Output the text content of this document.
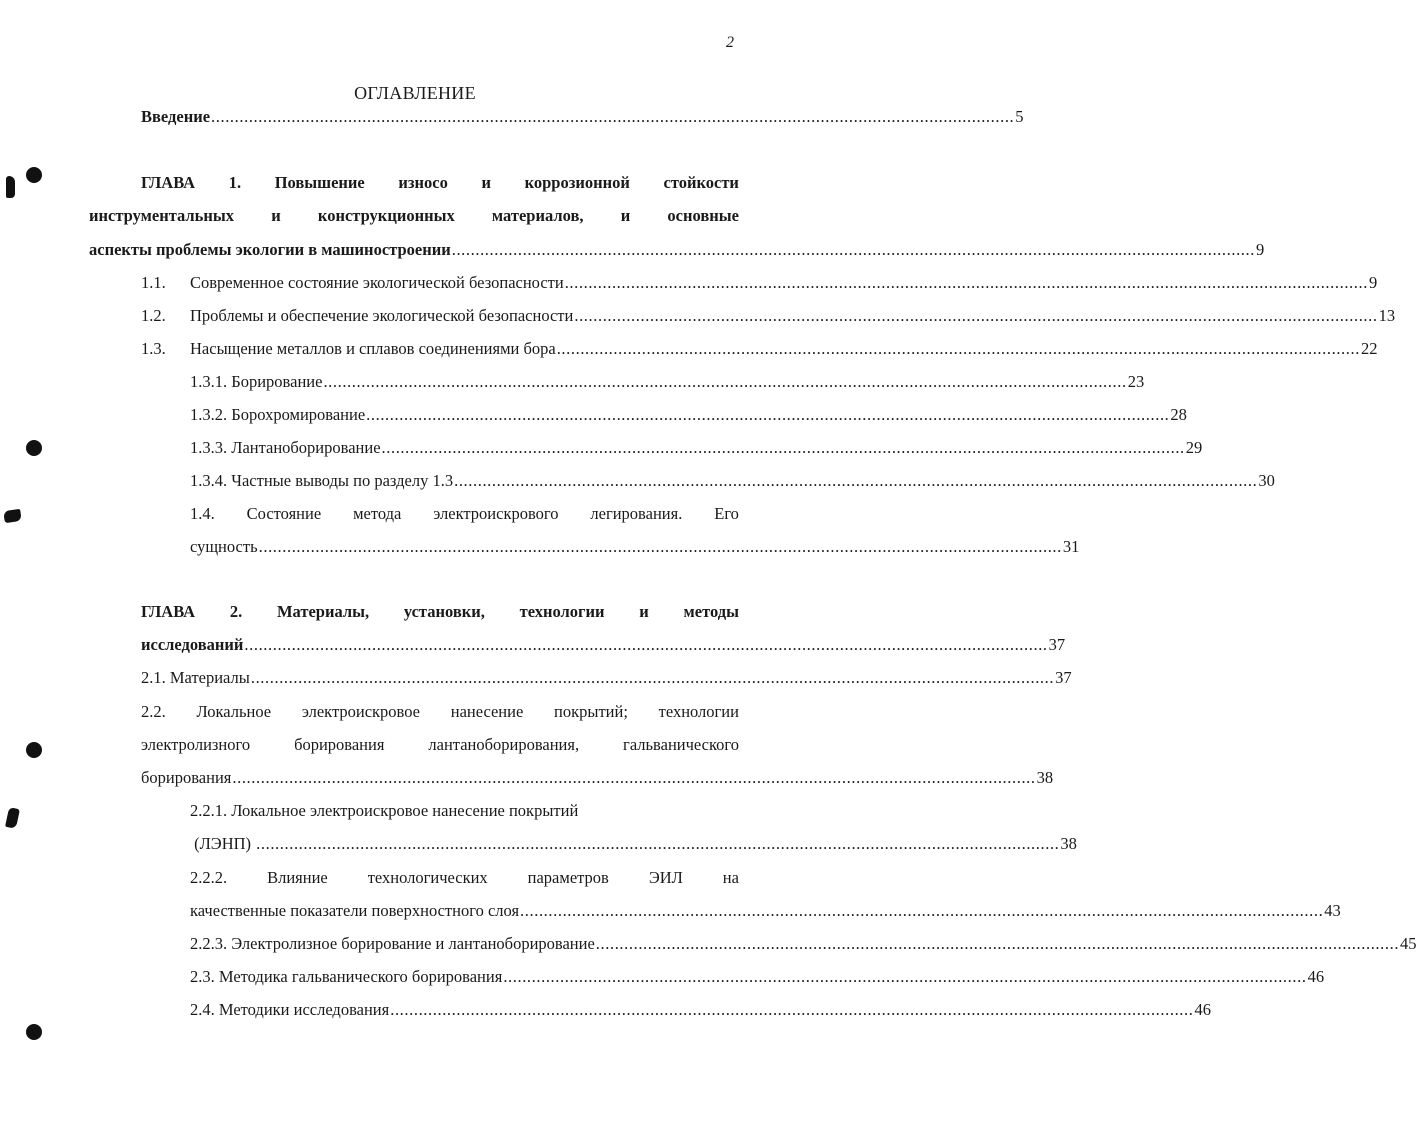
2
ОГЛАВЛЕНИЕ
Введение .......................................................................................................................................................................... 5
ГЛАВА 1. Повышение износо и коррозионной стойкости
инструментальных и конструкционных материалов, и основные
аспекты проблемы экологии в машиностроении .......................................................................................................................................................................... 9
1.1. Современное состояние экологической безопасности .......................................................................................................................................................................... 9
1.2. Проблемы и обеспечение экологической безопасности .......................................................................................................................................................................... 13
1.3. Насыщение металлов и сплавов соединениями бора .......................................................................................................................................................................... 22
1.3.1. Борирование .......................................................................................................................................................................... 23
1.3.2. Борохромирование .......................................................................................................................................................................... 28
1.3.3. Лантаноборирование .......................................................................................................................................................................... 29
1.3.4. Частные выводы по разделу 1.3 .......................................................................................................................................................................... 30
1.4. Состояние метода электроискрового легирования. Его
сущность .......................................................................................................................................................................... 31
ГЛАВА 2. Материалы, установки, технологии и методы
исследований .......................................................................................................................................................................... 37
2.1. Материалы .......................................................................................................................................................................... 37
2.2. Локальное электроискровое нанесение покрытий; технологии
электролизного	борирования	лантаноборирования,	гальванического
борирования .......................................................................................................................................................................... 38
2.2.1. Локальное электроискровое нанесение покрытий
(ЛЭНП) .......................................................................................................................................................................... 38
2.2.2. Влияние технологических параметров ЭИЛ на
качественные показатели поверхностного слоя .......................................................................................................................................................................... 43
2.2.3. Электролизное борирование и лантаноборирование .......................................................................................................................................................................... 45
2.3. Методика гальванического борирования .......................................................................................................................................................................... 46
2.4. Методики исследования .......................................................................................................................................................................... 46
